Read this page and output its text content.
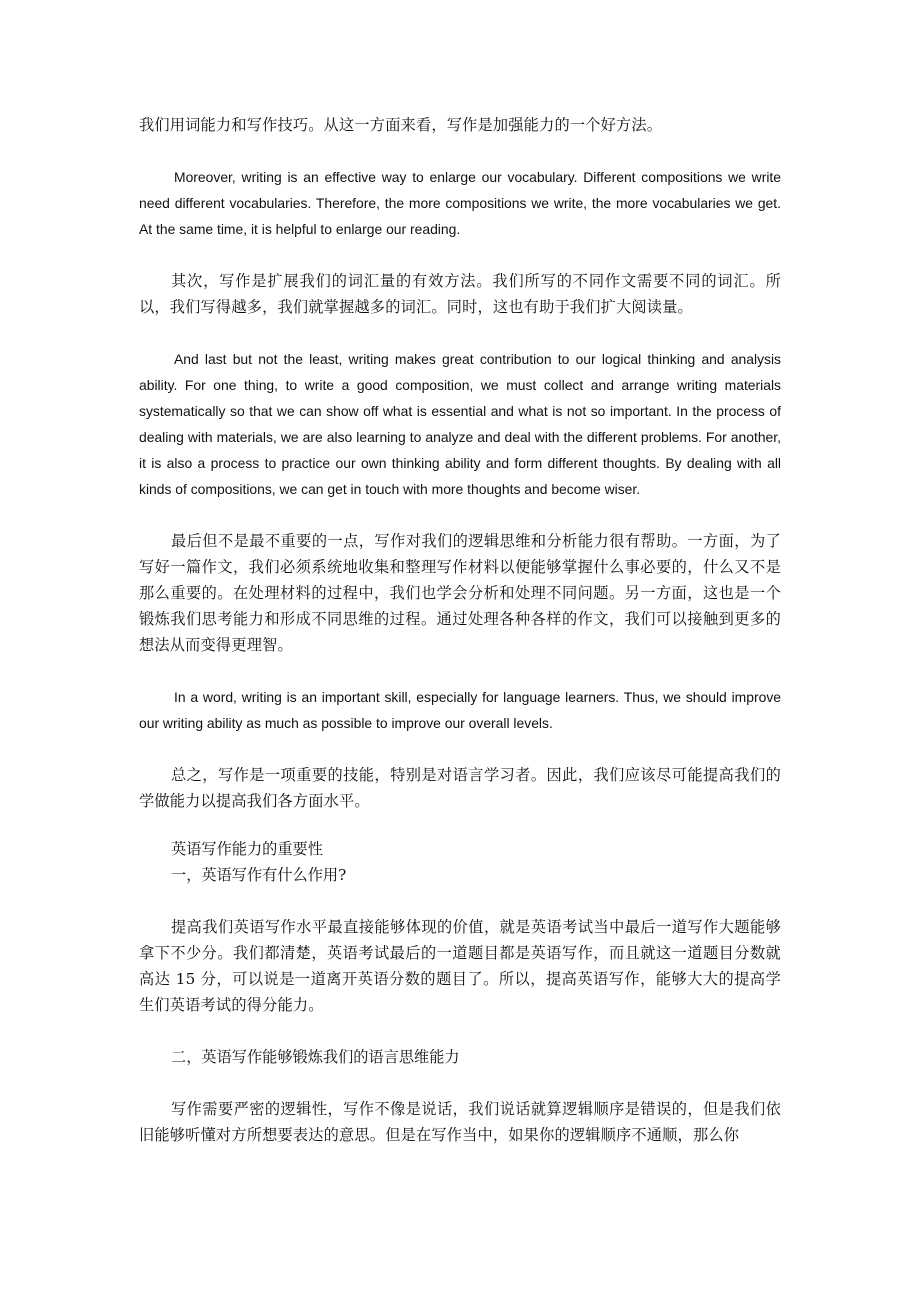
我们用词能力和写作技巧。从这一方面来看，写作是加强能力的一个好方法。

Moreover, writing is an effective way to enlarge our vocabulary. Different compositions we write need different vocabularies. Therefore, the more compositions we write, the more vocabularies we get. At the same time, it is helpful to enlarge our reading.

其次，写作是扩展我们的词汇量的有效方法。我们所写的不同作文需要不同的词汇。所以，我们写得越多，我们就掌握越多的词汇。同时，这也有助于我们扩大阅读量。

And last but not the least, writing makes great contribution to our logical thinking and analysis ability. For one thing, to write a good composition, we must collect and arrange writing materials systematically so that we can show off what is essential and what is not so important. In the process of dealing with materials, we are also learning to analyze and deal with the different problems. For another, it is also a process to practice our own thinking ability and form different thoughts. By dealing with all kinds of compositions, we can get in touch with more thoughts and become wiser.

最后但不是最不重要的一点，写作对我们的逻辑思维和分析能力很有帮助。一方面，为了写好一篇作文，我们必须系统地收集和整理写作材料以便能够掌握什么事必要的，什么又不是那么重要的。在处理材料的过程中，我们也学会分析和处理不同问题。另一方面，这也是一个锻炼我们思考能力和形成不同思维的过程。通过处理各种各样的作文，我们可以接触到更多的想法从而变得更理智。

In a word, writing is an important skill, especially for language learners. Thus, we should improve our writing ability as much as possible to improve our overall levels.

总之，写作是一项重要的技能，特别是对语言学习者。因此，我们应该尽可能提高我们的学做能力以提高我们各方面水平。

英语写作能力的重要性

一，英语写作有什么作用?

提高我们英语写作水平最直接能够体现的价值，就是英语考试当中最后一道写作大题能够拿下不少分。我们都清楚，英语考试最后的一道题目都是英语写作，而且就这一道题目分数就高达 15 分，可以说是一道离开英语分数的题目了。所以，提高英语写作，能够大大的提高学生们英语考试的得分能力。

二，英语写作能够锻炼我们的语言思维能力

写作需要严密的逻辑性，写作不像是说话，我们说话就算逻辑顺序是错误的，但是我们依旧能够听懂对方所想要表达的意思。但是在写作当中，如果你的逻辑顺序不通顺，那么你
